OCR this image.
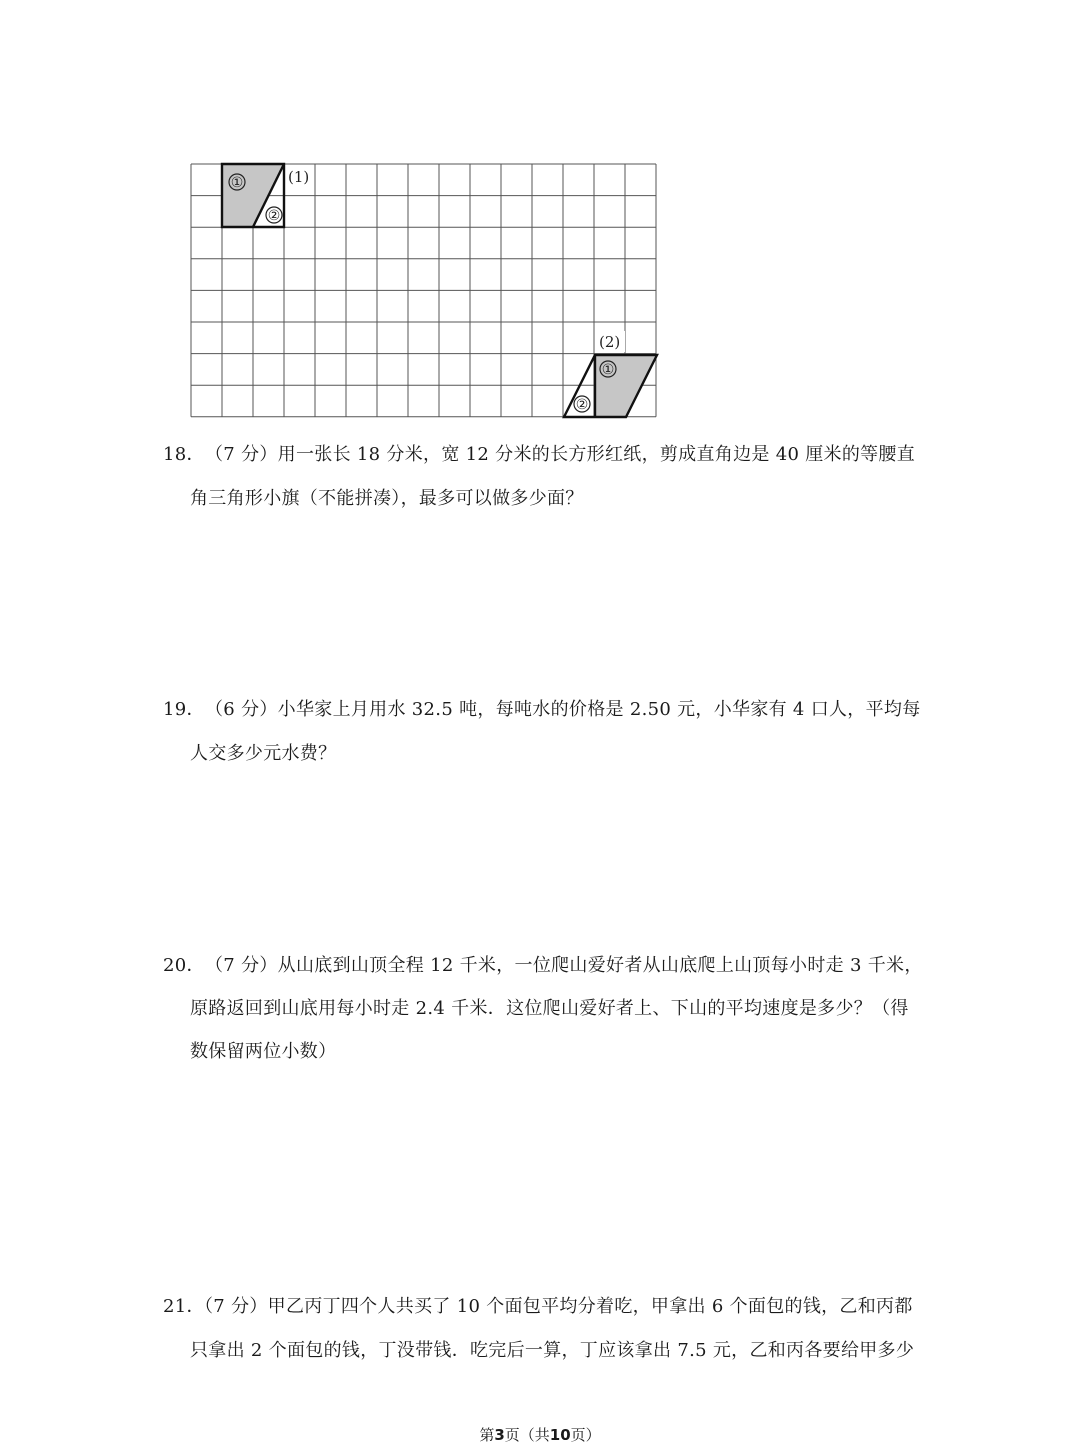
①
②
(1)
①
②
(2)
18． （7 分）用一张长 18 分米，宽 12 分米的长方形红纸，剪成直角边是 40 厘米的等腰直
角三角形小旗（不能拼凑），最多可以做多少面？
19． （6 分）小华家上月用水 32.5 吨，每吨水的价格是 2.50 元，小华家有 4 口人，平均每
人交多少元水费？
20． （7 分）从山底到山顶全程 12 千米，一位爬山爱好者从山底爬上山顶每小时走 3 千米，
原路返回到山底用每小时走 2.4 千米．这位爬山爱好者上、下山的平均速度是多少？（得
数保留两位小数）
21．
（7 分）甲乙丙丁四个人共买了 10 个面包平均分着吃，甲拿出 6 个面包的钱，乙和丙都
只拿出 2 个面包的钱，丁没带钱．吃完后一算，丁应该拿出 7.5 元，乙和丙各要给甲多少
第3页（共10页）
